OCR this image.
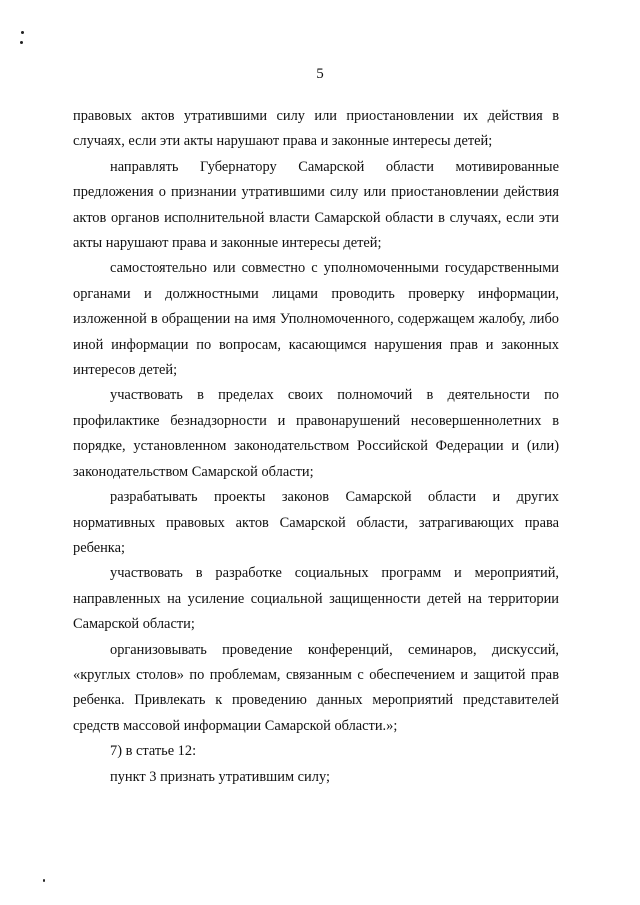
5

правовых актов утратившими силу или приостановлении их действия в случаях, если эти акты нарушают права и законные интересы детей;

направлять Губернатору Самарской области мотивированные предложения о признании утратившими силу или приостановлении действия актов органов исполнительной власти Самарской области в случаях, если эти акты нарушают права и законные интересы детей;

самостоятельно или совместно с уполномоченными государственными органами и должностными лицами проводить проверку информации, изложенной в обращении на имя Уполномоченного, содержащем жалобу, либо иной информации по вопросам, касающимся нарушения прав и законных интересов детей;

участвовать в пределах своих полномочий в деятельности по профилактике безнадзорности и правонарушений несовершеннолетних в порядке, установленном законодательством Российской Федерации и (или) законодательством Самарской области;

разрабатывать проекты законов Самарской области и других нормативных правовых актов Самарской области, затрагивающих права ребенка;

участвовать в разработке социальных программ и мероприятий, направленных на усиление социальной защищенности детей на территории Самарской области;

организовывать проведение конференций, семинаров, дискуссий, «круглых столов» по проблемам, связанным с обеспечением и защитой прав ребенка. Привлекать к проведению данных мероприятий представителей средств массовой информации Самарской области.»;

7) в статье 12:

пункт 3 признать утратившим силу;
